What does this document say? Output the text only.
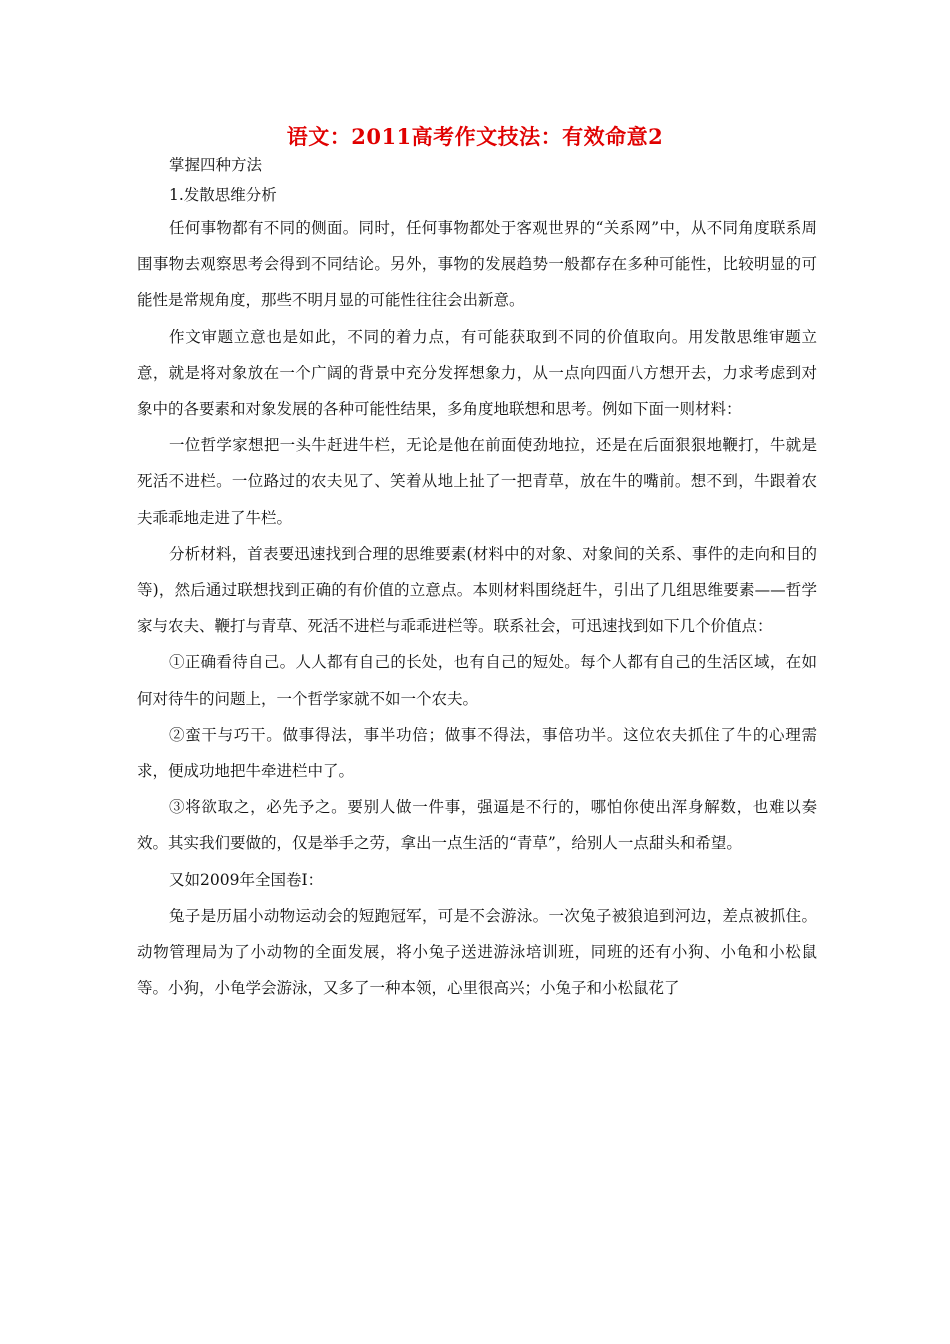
语文：2011高考作文技法：有效命意2

掌握四种方法

1.发散思维分析

任何事物都有不同的侧面。同时，任何事物都处于客观世界的“关系网”中，从不同角度联系周围事物去观察思考会得到不同结论。另外，事物的发展趋势一般都存在多种可能性，比较明显的可能性是常规角度，那些不明月显的可能性往往会出新意。

作文审题立意也是如此，不同的着力点，有可能获取到不同的价值取向。用发散思维审题立意，就是将对象放在一个广阔的背景中充分发挥想象力，从一点向四面八方想开去，力求考虑到对象中的各要素和对象发展的各种可能性结果，多角度地联想和思考。例如下面一则材料：

一位哲学家想把一头牛赶进牛栏，无论是他在前面使劲地拉，还是在后面狠狠地鞭打，牛就是死活不进栏。一位路过的农夫见了、笑着从地上扯了一把青草，放在牛的嘴前。想不到，牛跟着农夫乖乖地走进了牛栏。

分析材料，首表要迅速找到合理的思维要素(材料中的对象、对象间的关系、事件的走向和目的等)，然后通过联想找到正确的有价值的立意点。本则材料围绕赶牛，引出了几组思维要素——哲学家与农夫、鞭打与青草、死活不进栏与乖乖进栏等。联系社会，可迅速找到如下几个价值点：

①正确看待自己。人人都有自己的长处，也有自己的短处。每个人都有自己的生活区域，在如何对待牛的问题上，一个哲学家就不如一个农夫。

②蛮干与巧干。做事得法，事半功倍；做事不得法，事倍功半。这位农夫抓住了牛的心理需求，便成功地把牛牵进栏中了。

③将欲取之，必先予之。要别人做一件事，强逼是不行的，哪怕你使出浑身解数，也难以奏效。其实我们要做的，仅是举手之劳，拿出一点生活的“青草”，给别人一点甜头和希望。

又如2009年全国卷Ⅰ：

兔子是历届小动物运动会的短跑冠军，可是不会游泳。一次兔子被狼追到河边，差点被抓住。动物管理局为了小动物的全面发展，将小兔子送进游泳培训班，同班的还有小狗、小龟和小松鼠等。小狗，小龟学会游泳，又多了一种本领，心里很高兴；小兔子和小松鼠花了
